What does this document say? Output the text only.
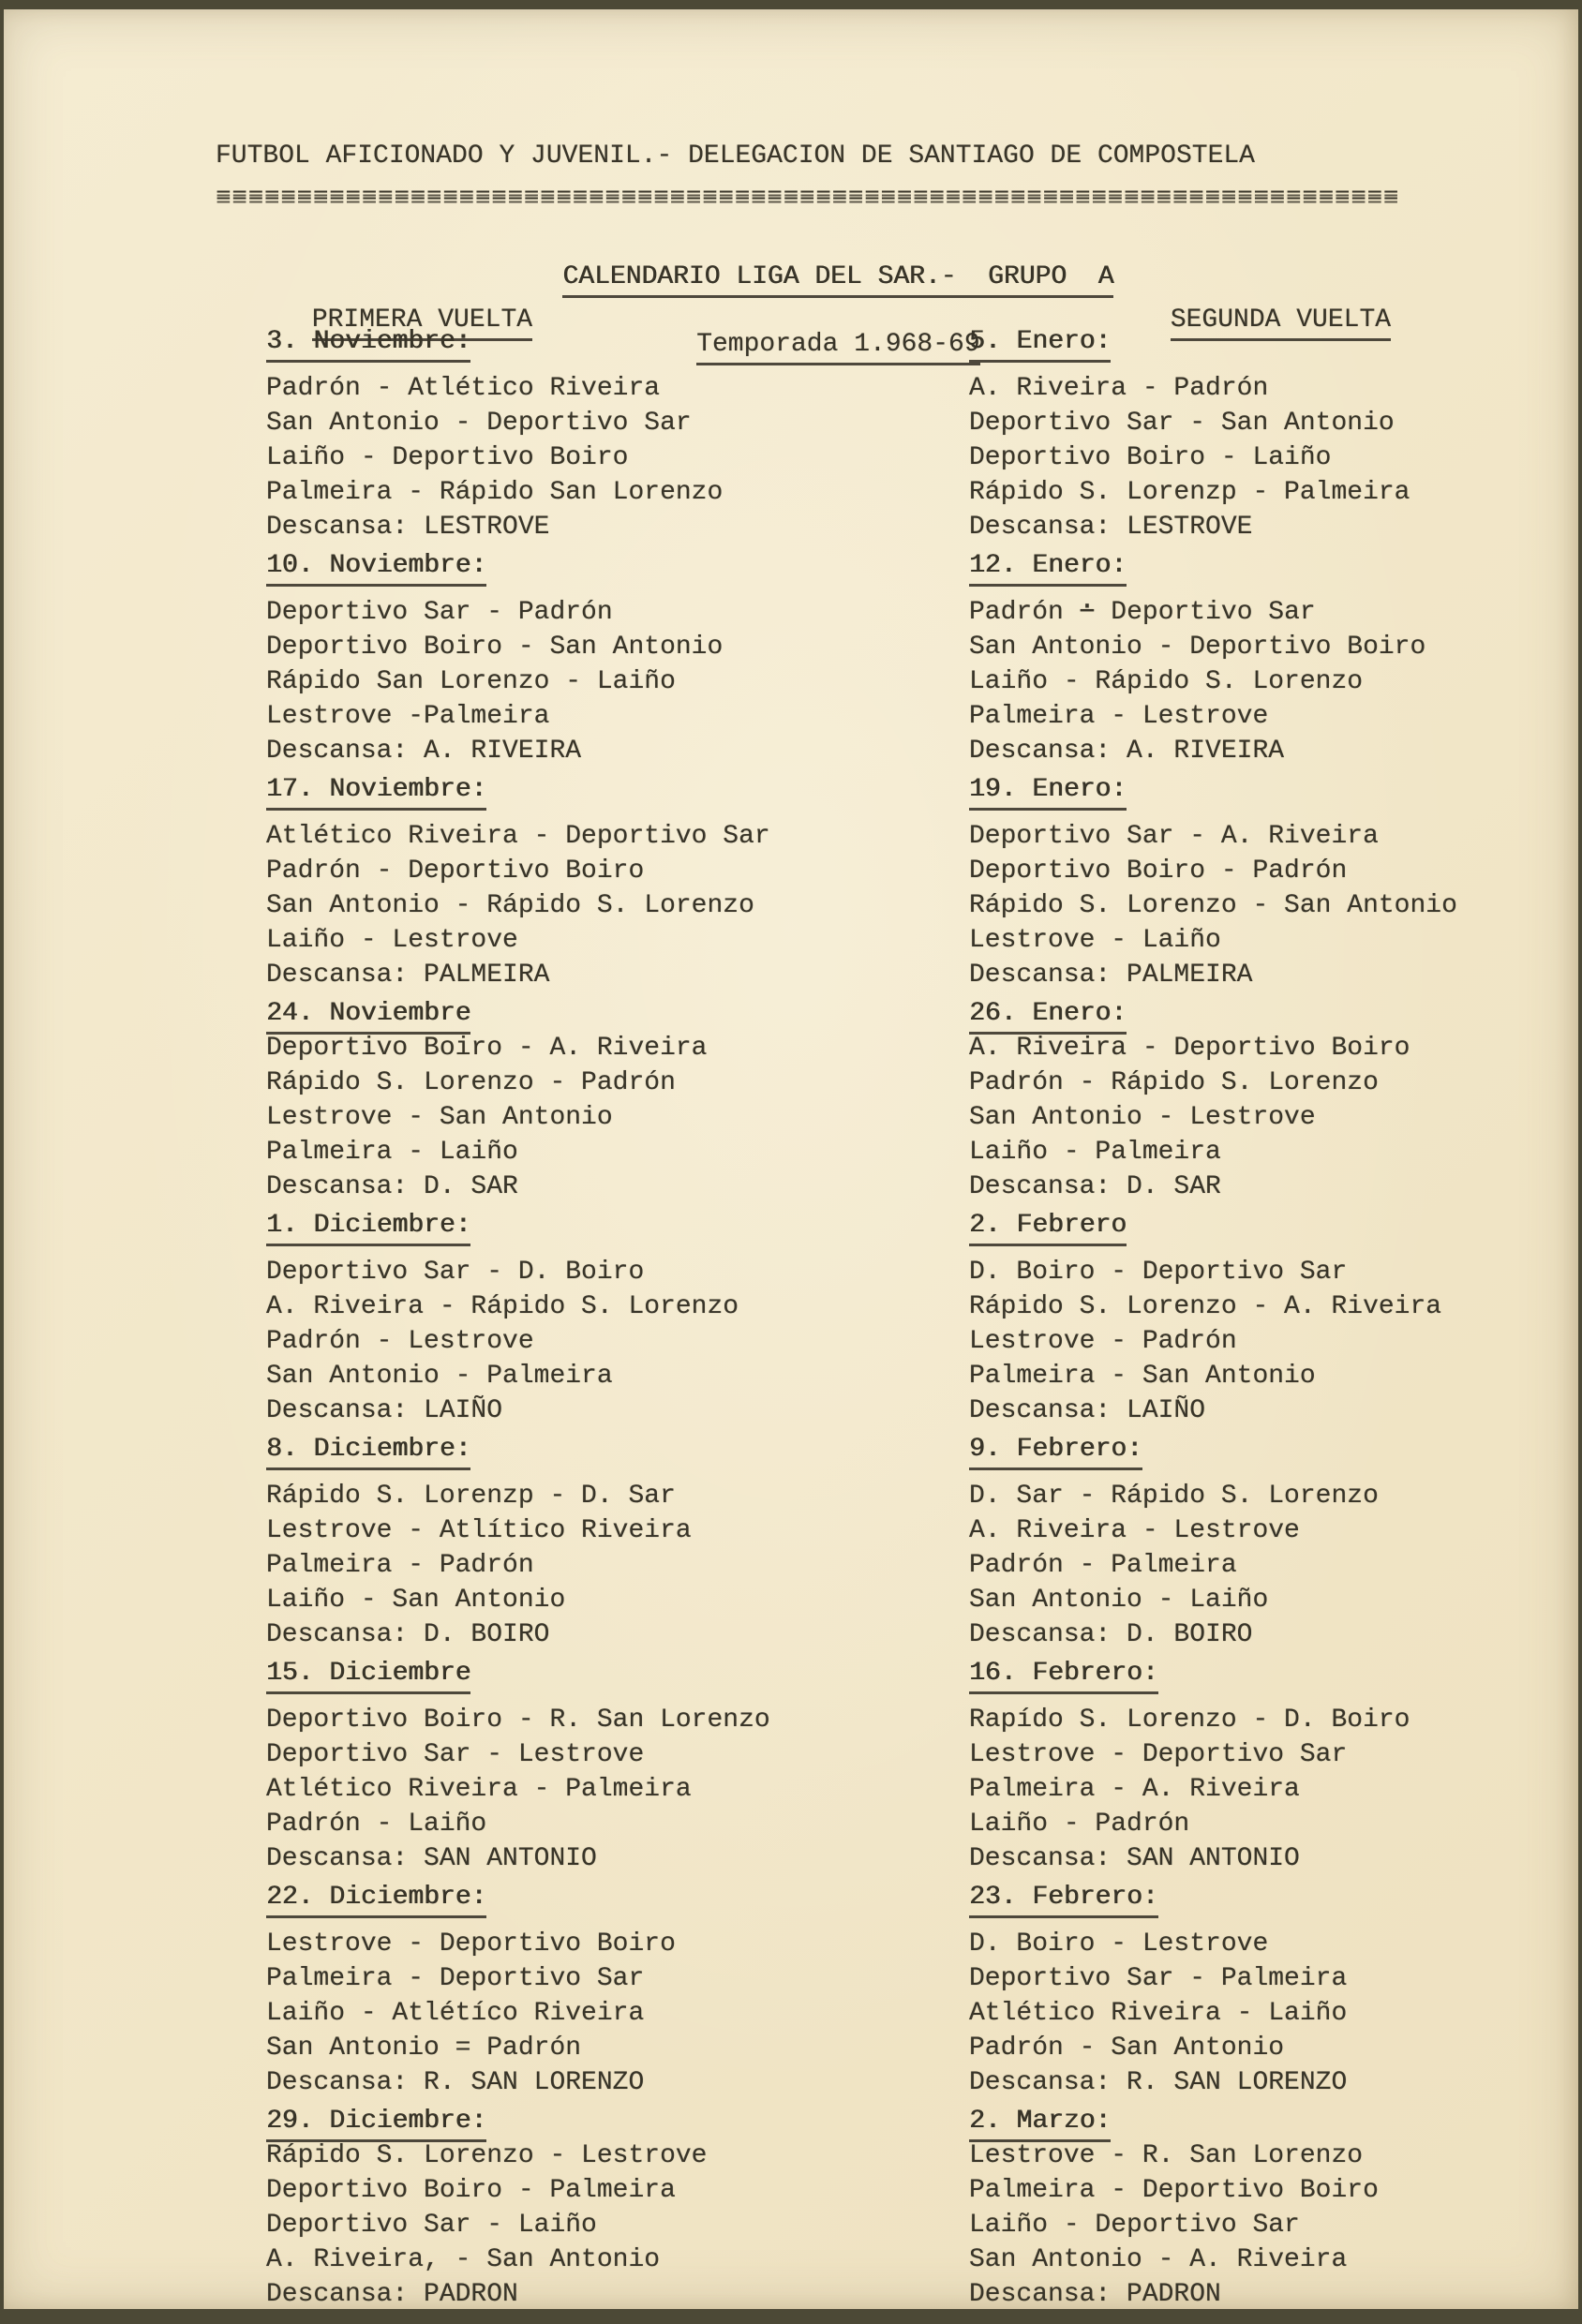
FUTBOL AFICIONADO Y JUVENIL.- DELEGACION DE SANTIAGO DE COMPOSTELA
=========================================================================

CALENDARIO LIGA DEL SAR.-  GRUPO  A

PRIMERA VUELTA

Temporada 1.968-69

SEGUNDA VUELTA

3. Noviembre:
Padrón - Atlético Riveira
San Antonio - Deportivo Sar
Laiño - Deportivo Boiro
Palmeira - Rápido San Lorenzo
Descansa: LESTROVE
10. Noviembre:
Deportivo Sar - Padrón
Deportivo Boiro - San Antonio
Rápido San Lorenzo - Laiño
Lestrove -Palmeira
Descansa: A. RIVEIRA
17. Noviembre:
Atlético Riveira - Deportivo Sar
Padrón - Deportivo Boiro
San Antonio - Rápido S. Lorenzo
Laiño - Lestrove
Descansa: PALMEIRA
24. Noviembre
Deportivo Boiro - A. Riveira
Rápido S. Lorenzo - Padrón
Lestrove - San Antonio
Palmeira - Laiño
Descansa: D. SAR
1. Diciembre:
Deportivo Sar - D. Boiro
A. Riveira - Rápido S. Lorenzo
Padrón - Lestrove
San Antonio - Palmeira
Descansa: LAIÑO
8. Diciembre:
Rápido S. Lorenzp - D. Sar
Lestrove - Atlítico Riveira
Palmeira - Padrón
Laiño - San Antonio
Descansa: D. BOIRO
15. Diciembre
Deportivo Boiro - R. San Lorenzo
Deportivo Sar - Lestrove
Atlético Riveira - Palmeira
Padrón - Laiño
Descansa: SAN ANTONIO
22. Diciembre:
Lestrove - Deportivo Boiro
Palmeira - Deportivo Sar
Laiño - Atlétíco Riveira
San Antonio = Padrón
Descansa: R. SAN LORENZO
29. Diciembre:
Rápido S. Lorenzo - Lestrove
Deportivo Boiro - Palmeira
Deportivo Sar - Laiño
A. Riveira, - San Antonio
Descansa: PADRON
5. Enero:
A. Riveira - Padrón
Deportivo Sar - San Antonio
Deportivo Boiro - Laiño
Rápido S. Lorenzp - Palmeira
Descansa: LESTROVE
12. Enero:
Padrón ∸ Deportivo Sar
San Antonio - Deportivo Boiro
Laiño - Rápido S. Lorenzo
Palmeira - Lestrove
Descansa: A. RIVEIRA
19. Enero:
Deportivo Sar - A. Riveira
Deportivo Boiro - Padrón
Rápido S. Lorenzo - San Antonio
Lestrove - Laiño
Descansa: PALMEIRA
26. Enero:
A. Riveira - Deportivo Boiro
Padrón - Rápido S. Lorenzo
San Antonio - Lestrove
Laiño - Palmeira
Descansa: D. SAR
2. Febrero
D. Boiro - Deportivo Sar
Rápido S. Lorenzo - A. Riveira
Lestrove - Padrón
Palmeira - San Antonio
Descansa: LAIÑO
9. Febrero:
D. Sar - Rápido S. Lorenzo
A. Riveira - Lestrove
Padrón - Palmeira
San Antonio - Laiño
Descansa: D. BOIRO
16. Febrero:
Rapído S. Lorenzo - D. Boiro
Lestrove - Deportivo Sar
Palmeira - A. Riveira
Laiño - Padrón
Descansa: SAN ANTONIO
23. Febrero:
D. Boiro - Lestrove
Deportivo Sar - Palmeira
Atlético Riveira - Laiño
Padrón - San Antonio
Descansa: R. SAN LORENZO
2. Marzo:
Lestrove - R. San Lorenzo
Palmeira - Deportivo Boiro
Laiño - Deportivo Sar
San Antonio - A. Riveira
Descansa: PADRON
